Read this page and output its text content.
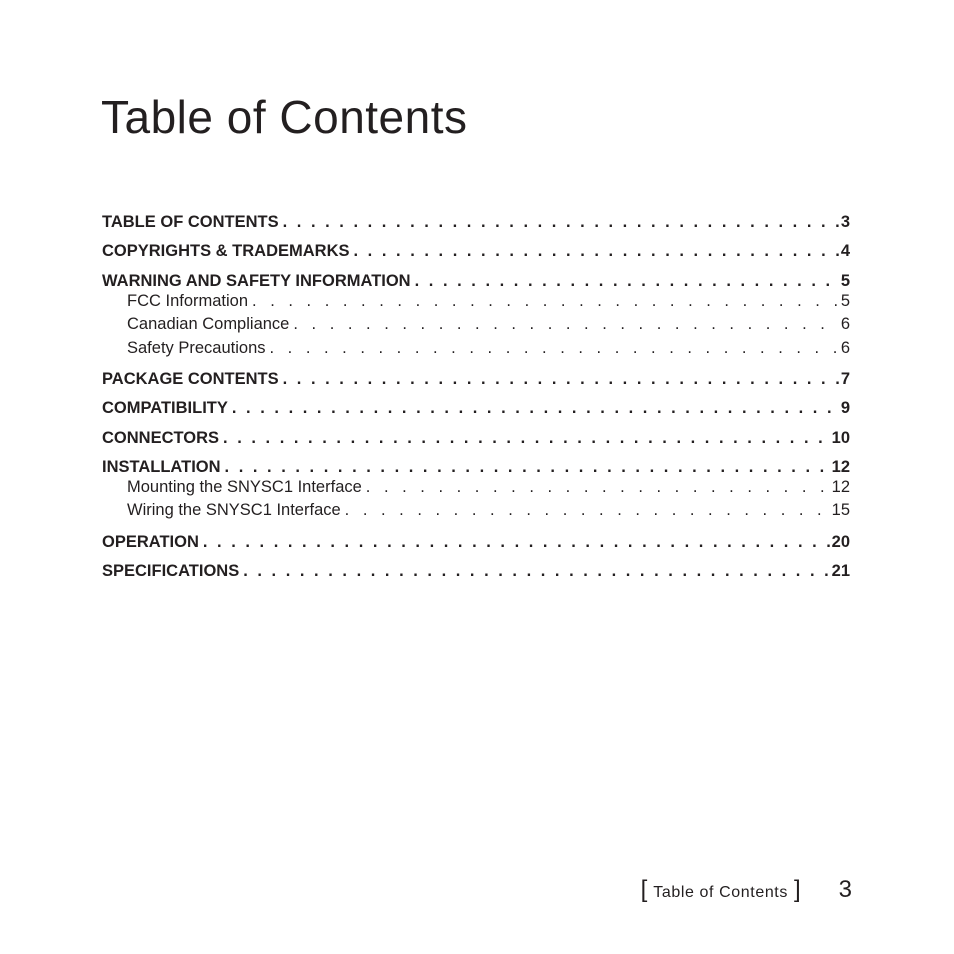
Table of Contents
TABLE OF CONTENTS . . .	3
COPYRIGHTS & TRADEMARKS . . .	4
WARNING AND SAFETY INFORMATION . . .	5
FCC Information . . .	5
Canadian Compliance . . .	6
Safety Precautions . . .	6
PACKAGE CONTENTS . . .	7
COMPATIBILITY . . .	9
CONNECTORS . . .	10
INSTALLATION . . .	12
Mounting the SNYSC1 Interface . . .	12
Wiring the SNYSC1 Interface . . .	15
OPERATION . . .	20
SPECIFICATIONS . . .	21
[ Table of Contents ] 3
